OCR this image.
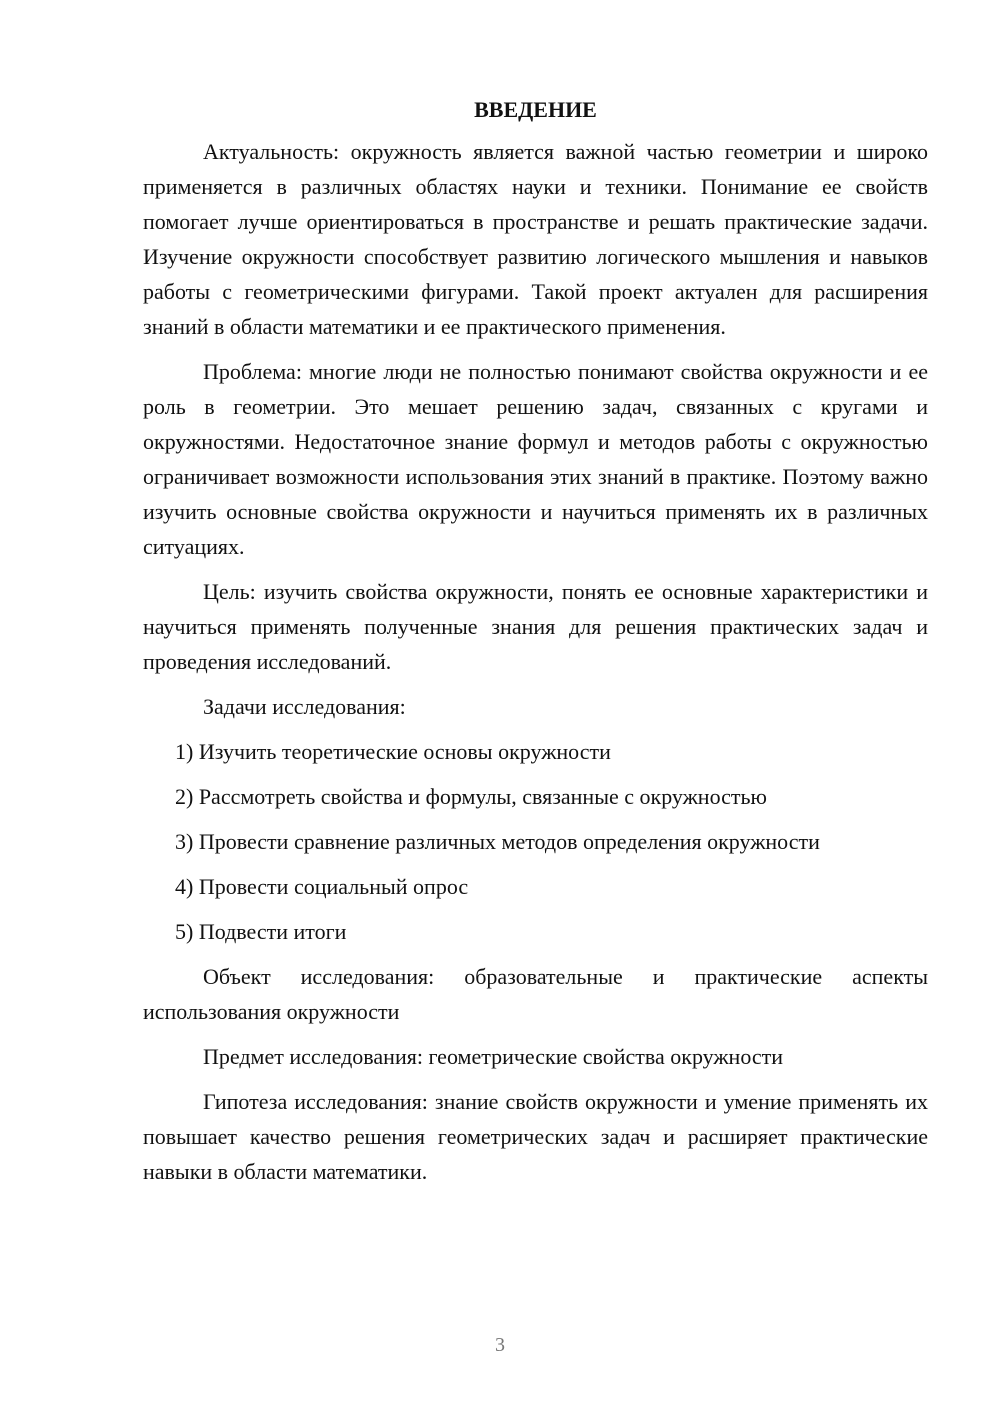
ВВЕДЕНИЕ

Актуальность: окружность является важной частью геометрии и широко применяется в различных областях науки и техники. Понимание ее свойств помогает лучше ориентироваться в пространстве и решать практические задачи. Изучение окружности способствует развитию логического мышления и навыков работы с геометрическими фигурами. Такой проект актуален для расширения знаний в области математики и ее практического применения.

Проблема: многие люди не полностью понимают свойства окружности и ее роль в геометрии. Это мешает решению задач, связанных с кругами и окружностями. Недостаточное знание формул и методов работы с окружностью ограничивает возможности использования этих знаний в практике. Поэтому важно изучить основные свойства окружности и научиться применять их в различных ситуациях.

Цель: изучить свойства окружности, понять ее основные характеристики и научиться применять полученные знания для решения практических задач и проведения исследований.

Задачи исследования:

1) Изучить теоретические основы окружности
2) Рассмотреть свойства и формулы, связанные с окружностью
3) Провести сравнение различных методов определения окружности
4) Провести социальный опрос
5) Подвести итоги

Объект исследования: образовательные и практические аспекты использования окружности

Предмет исследования: геометрические свойства окружности

Гипотеза исследования: знание свойств окружности и умение применять их повышает качество решения геометрических задач и расширяет практические навыки в области математики.

3
